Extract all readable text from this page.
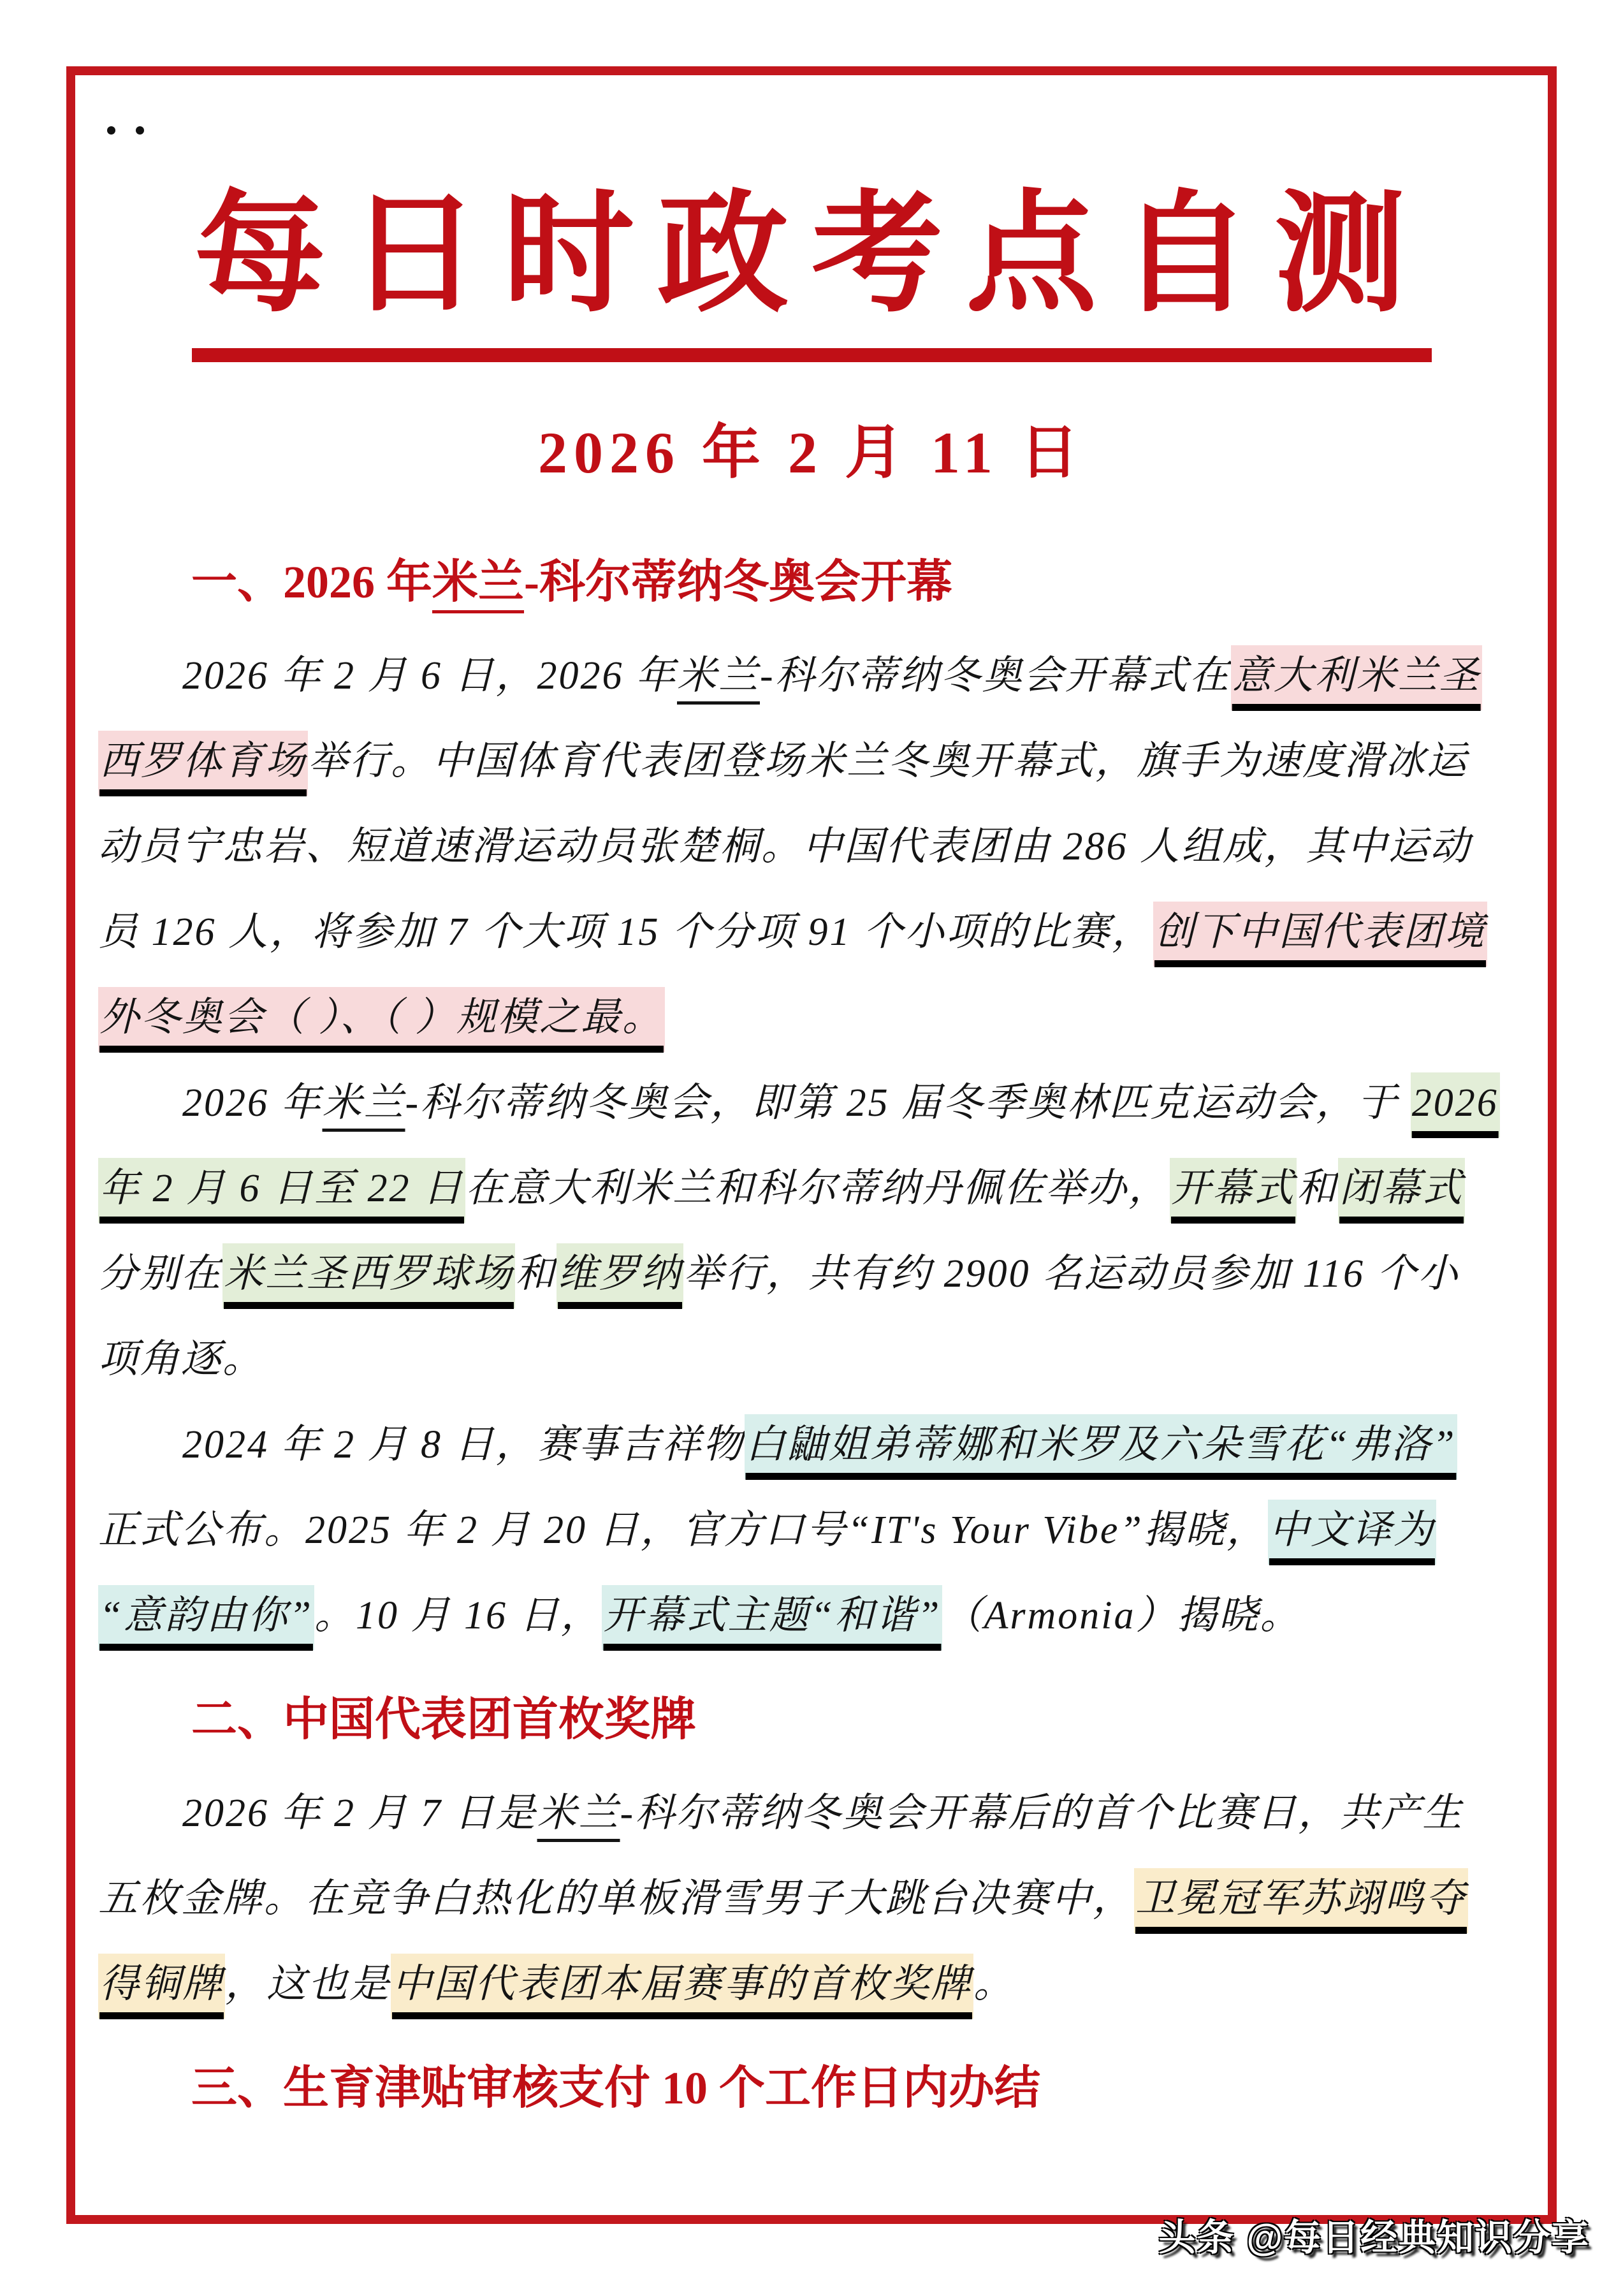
每日时政考点自测
2026 年 2 月 11 日
一、2026 年米兰-科尔蒂纳冬奥会开幕
2026 年 2 月 6 日，2026 年米兰-科尔蒂纳冬奥会开幕式在意大利米兰圣
西罗体育场举行。中国体育代表团登场米兰冬奥开幕式，旗手为速度滑冰运
动员宁忠岩、短道速滑运动员张楚桐。中国代表团由 286 人组成，其中运动
员 126 人，将参加 7 个大项 15 个分项 91 个小项的比赛，创下中国代表团境
外冬奥会（ ）、（ ）规模之最。
2026 年米兰-科尔蒂纳冬奥会，即第 25 届冬季奥林匹克运动会，于 2026
年 2 月 6 日至 22 日在意大利米兰和科尔蒂纳丹佩佐举办，开幕式和闭幕式
分别在米兰圣西罗球场和维罗纳举行，共有约 2900 名运动员参加 116 个小
项角逐。
2024 年 2 月 8 日，赛事吉祥物白鼬姐弟蒂娜和米罗及六朵雪花“弗洛”
正式公布。2025 年 2 月 20 日，官方口号“IT's Your Vibe”揭晓，中文译为
“意韵由你”。10 月 16 日，开幕式主题“和谐”（Armonia）揭晓。
二、中国代表团首枚奖牌
2026 年 2 月 7 日是米兰-科尔蒂纳冬奥会开幕后的首个比赛日，共产生
五枚金牌。在竞争白热化的单板滑雪男子大跳台决赛中，卫冕冠军苏翊鸣夺
得铜牌，这也是中国代表团本届赛事的首枚奖牌。
三、生育津贴审核支付 10 个工作日内办结
头条 @每日经典知识分享
